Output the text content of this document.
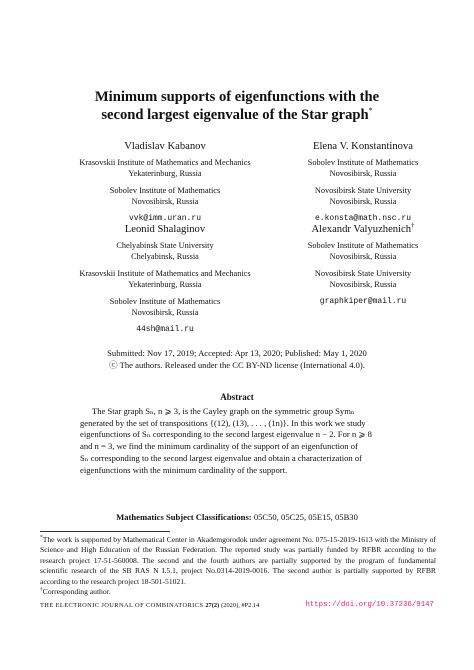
Minimum supports of eigenfunctions with the
second largest eigenvalue of the Star graph*
Vladislav Kabanov
Krasovskii Institute of Mathematics and Mechanics
Yekaterinburg, Russia
Sobolev Institute of Mathematics
Novosibirsk, Russia
vvk@imm.uran.ru
Elena V. Konstantinova
Sobolev Institute of Mathematics
Novosibirsk, Russia
Novosibirsk State University
Novosibirsk, Russia
e.konsta@math.nsc.ru
Leonid Shalaginov
Chelyabinsk State University
Chelyabinsk, Russia
Krasovskii Institute of Mathematics and Mechanics
Yekaterinburg, Russia
Sobolev Institute of Mathematics
Novosibirsk, Russia
44sh@mail.ru
Alexandr Valyuzhenich†
Sobolev Institute of Mathematics
Novosibirsk, Russia
Novosibirsk State University
Novosibirsk, Russia
graphkiper@mail.ru
Submitted: Nov 17, 2019; Accepted: Apr 13, 2020; Published: May 1, 2020
ⓒ The authors. Released under the CC BY-ND license (International 4.0).
Abstract
The Star graph Sₙ, n ⩾ 3, is the Cayley graph on the symmetric group Symₙ
generated by the set of transpositions {(12), (13), . . . , (1n)}. In this work we study
eigenfunctions of Sₙ corresponding to the second largest eigenvalue n − 2. For n ⩾ 8
and n = 3, we find the minimum cardinality of the support of an eigenfunction of
Sₙ corresponding to the second largest eigenvalue and obtain a characterization of
eigenfunctions with the minimum cardinality of the support.
Mathematics Subject Classifications: 05C50, 05C25, 05E15, 05B30
*The work is supported by Mathematical Center in Akademgorodok under agreement No. 075-15-2019-1613 with the Ministry of Science and High Education of the Russian Federation. The reported study was partially funded by RFBR according to the research project 17-51-560008. The second and the fourth authors are partially supported by the program of fundamental scientific research of the SB RAS N I.5.1, project No.0314-2019-0016. The second author is partially supported by RFBR according to the research project 18-501-51021.
†Corresponding author.
THE ELECTRONIC JOURNAL OF COMBINATORICS 27(2) (2020), #P2.14	https://doi.org/10.37236/9147
